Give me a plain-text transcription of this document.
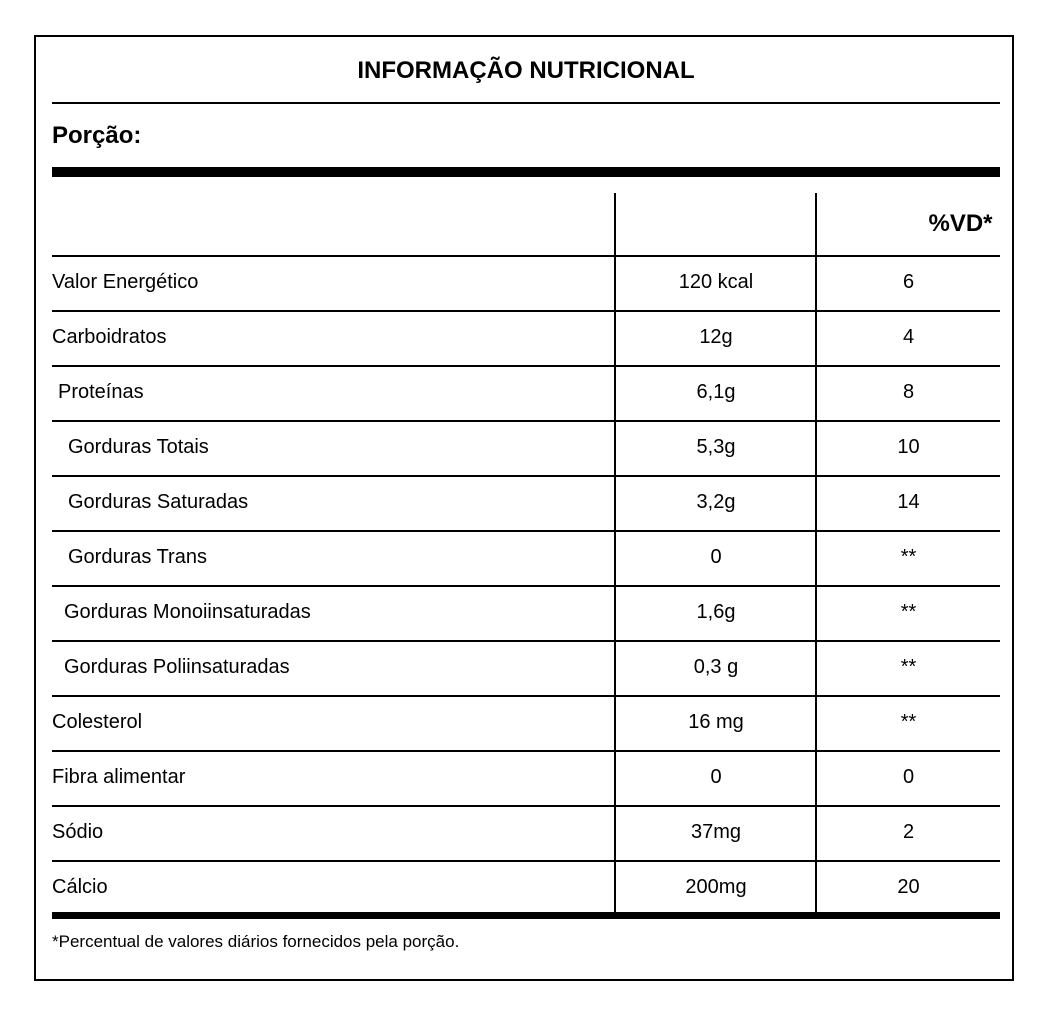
INFORMAÇÃO NUTRICIONAL
Porção:
%VD*
Valor Energético	120 kcal	6
Carboidratos	12g	4
Proteínas	6,1g	8
Gorduras Totais	5,3g	10
Gorduras Saturadas	3,2g	14
Gorduras Trans	0	**
Gorduras Monoiinsaturadas	1,6g	**
Gorduras Poliinsaturadas	0,3 g	**
Colesterol	16 mg	**
Fibra alimentar	0	0
Sódio	37mg	2
Cálcio	200mg	20
*Percentual de valores diários fornecidos pela porção.
